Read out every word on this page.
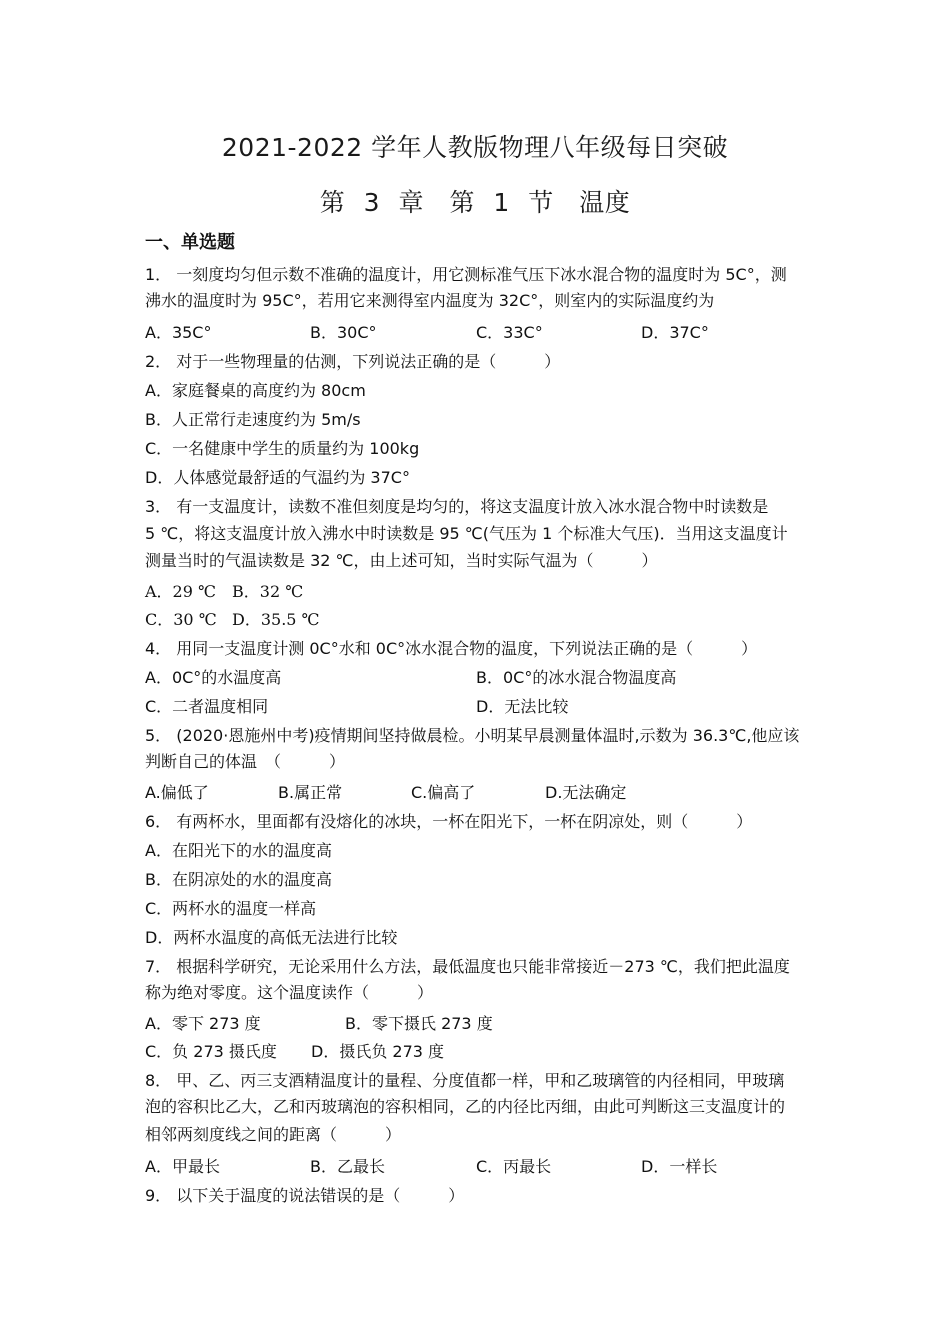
2021-2022 学年人教版物理八年级每日突破
第 3 章　第 1 节　温度
一、单选题
1． 一刻度均匀但示数不准确的温度计，用它测标准气压下冰水混合物的温度时为 5C°，测
沸水的温度时为 95C°，若用它来测得室内温度为 32C°，则室内的实际温度约为
A．35C°	B．30C°	C．33C°	D．37C°
2． 对于一些物理量的估测，下列说法正确的是（　　　）
A．家庭餐桌的高度约为 80cm
B．人正常行走速度约为 5m/s
C．一名健康中学生的质量约为 100kg
D．人体感觉最舒适的气温约为 37C°
3． 有一支温度计，读数不准但刻度是均匀的，将这支温度计放入冰水混合物中时读数是
5 ℃，将这支温度计放入沸水中时读数是 95 ℃(气压为 1 个标准大气压)．当用这支温度计
测量当时的气温读数是 32 ℃，由上述可知，当时实际气温为（　　　）
A．29 ℃ B．32 ℃
C．30 ℃ D．35.5 ℃
4． 用同一支温度计测 0C°水和 0C°冰水混合物的温度，下列说法正确的是（　　　）
A．0C°的水温度高	B．0C°的冰水混合物温度高
C．二者温度相同	D．无法比较
5． (2020·恩施州中考)疫情期间坚持做晨检。小明某早晨测量体温时,示数为 36.3℃,他应该
判断自己的体温　（　　　）
A.偏低了	B.属正常	C.偏高了	D.无法确定
6． 有两杯水，里面都有没熔化的冰块，一杯在阳光下，一杯在阴凉处，则（　　　）
A．在阳光下的水的温度高
B．在阴凉处的水的温度高
C．两杯水的温度一样高
D．两杯水温度的高低无法进行比较
7． 根据科学研究，无论采用什么方法，最低温度也只能非常接近－273 ℃，我们把此温度
称为绝对零度。这个温度读作（　　　）
A．零下 273 度	B．零下摄氏 273 度
C．负 273 摄氏度 D．摄氏负 273 度
8． 甲、乙、丙三支酒精温度计的量程、分度值都一样，甲和乙玻璃管的内径相同，甲玻璃
泡的容积比乙大，乙和丙玻璃泡的容积相同，乙的内径比丙细，由此可判断这三支温度计的
相邻两刻度线之间的距离（　　　）
A．甲最长	B．乙最长	C．丙最长	D．一样长
9． 以下关于温度的说法错误的是（　　　）
